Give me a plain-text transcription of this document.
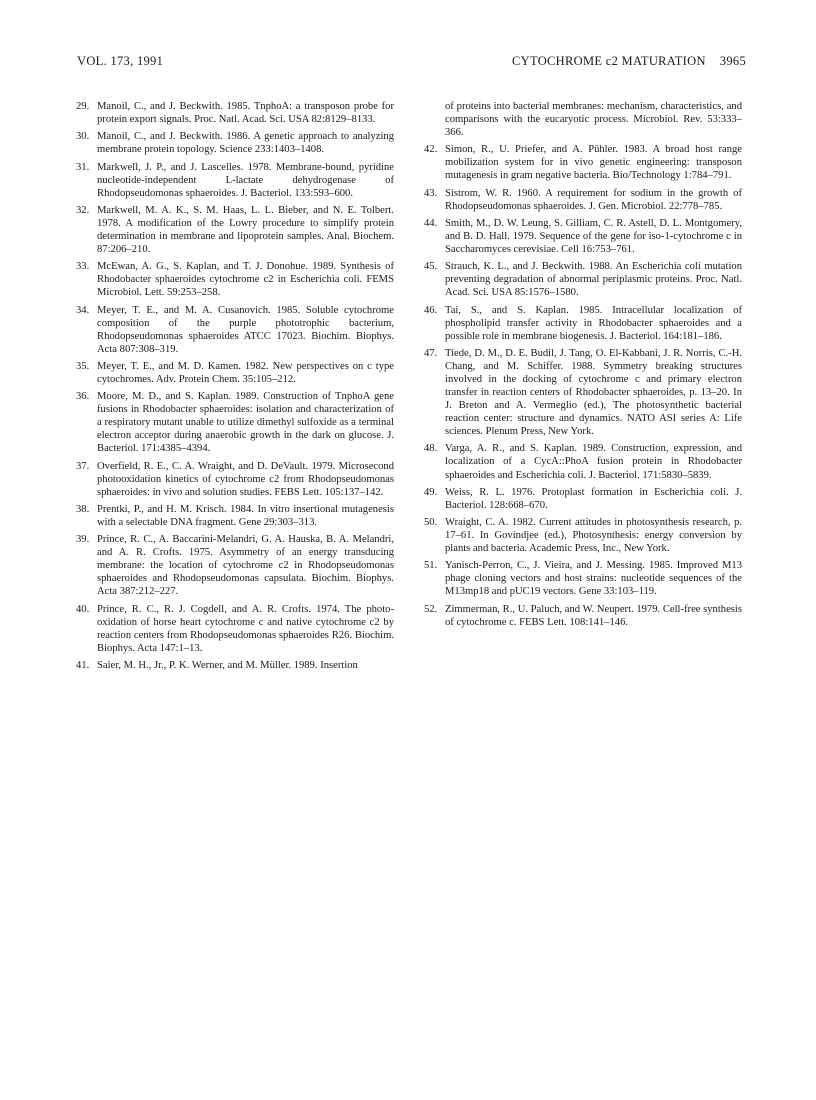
VOL. 173, 1991	CYTOCHROME c2 MATURATION 3965
29. Manoil, C., and J. Beckwith. 1985. TnphoA: a transposon probe for protein export signals. Proc. Natl. Acad. Sci. USA 82:8129–8133.
30. Manoil, C., and J. Beckwith. 1986. A genetic approach to analyzing membrane protein topology. Science 233:1403–1408.
31. Markwell, J. P., and J. Lascelles. 1978. Membrane-bound, pyridine nucleotide-independent L-lactate dehydrogenase of Rhodopseudomonas sphaeroides. J. Bacteriol. 133:593–600.
32. Markwell, M. A. K., S. M. Haas, L. L. Bieber, and N. E. Tolbert. 1978. A modification of the Lowry procedure to simplify protein determination in membrane and lipoprotein samples. Anal. Biochem. 87:206–210.
33. McEwan, A. G., S. Kaplan, and T. J. Donohue. 1989. Synthesis of Rhodobacter sphaeroides cytochrome c2 in Escherichia coli. FEMS Microbiol. Lett. 59:253–258.
34. Meyer, T. E., and M. A. Cusanovich. 1985. Soluble cytochrome composition of the purple phototrophic bacterium, Rhodopseudomonas sphaeroides ATCC 17023. Biochim. Biophys. Acta 807:308–319.
35. Meyer, T. E., and M. D. Kamen. 1982. New perspectives on c type cytochromes. Adv. Protein Chem. 35:105–212.
36. Moore, M. D., and S. Kaplan. 1989. Construction of TnphoA gene fusions in Rhodobacter sphaeroides: isolation and characterization of a respiratory mutant unable to utilize dimethyl sulfoxide as a terminal electron acceptor during anaerobic growth in the dark on glucose. J. Bacteriol. 171:4385–4394.
37. Overfield, R. E., C. A. Wraight, and D. DeVault. 1979. Microsecond photooxidation kinetics of cytochrome c2 from Rhodopseudomonas sphaeroides: in vivo and solution studies. FEBS Lett. 105:137–142.
38. Prentki, P., and H. M. Krisch. 1984. In vitro insertional mutagenesis with a selectable DNA fragment. Gene 29:303–313.
39. Prince, R. C., A. Baccarini-Melandri, G. A. Hauska, B. A. Melandri, and A. R. Crofts. 1975. Asymmetry of an energy transducing membrane: the location of cytochrome c2 in Rhodopseudomonas sphaeroides and Rhodopseudomonas capsulata. Biochim. Biophys. Acta 387:212–227.
40. Prince, R. C., R. J. Cogdell, and A. R. Crofts. 1974. The photo-oxidation of horse heart cytochrome c and native cytochrome c2 by reaction centers from Rhodopseudomonas sphaeroides R26. Biochim. Biophys. Acta 147:1–13.
41. Saier, M. H., Jr., P. K. Werner, and M. Müller. 1989. Insertion
of proteins into bacterial membranes: mechanism, characteristics, and comparisons with the eucaryotic process. Microbiol. Rev. 53:333–366.
42. Simon, R., U. Priefer, and A. Pühler. 1983. A broad host range mobilization system for in vivo genetic engineering: transposon mutagenesis in gram negative bacteria. Bio/Technology 1:784–791.
43. Sistrom, W. R. 1960. A requirement for sodium in the growth of Rhodopseudomonas sphaeroides. J. Gen. Microbiol. 22:778–785.
44. Smith, M., D. W. Leung, S. Gilliam, C. R. Astell, D. L. Montgomery, and B. D. Hall. 1979. Sequence of the gene for iso-1-cytochrome c in Saccharomyces cerevisiae. Cell 16:753–761.
45. Strauch, K. L., and J. Beckwith. 1988. An Escherichia coli mutation preventing degradation of abnormal periplasmic proteins. Proc. Natl. Acad. Sci. USA 85:1576–1580.
46. Tai, S., and S. Kaplan. 1985. Intracellular localization of phospholipid transfer activity in Rhodobacter sphaeroides and a possible role in membrane biogenesis. J. Bacteriol. 164:181–186.
47. Tiede, D. M., D. E. Budil, J. Tang, O. El-Kabbani, J. R. Norris, C.-H. Chang, and M. Schiffer. 1988. Symmetry breaking structures involved in the docking of cytochrome c and primary electron transfer in reaction centers of Rhodobacter sphaeroides, p. 13–20. In J. Breton and A. Vermeglio (ed.), The photosynthetic bacterial reaction center: structure and dynamics. NATO ASI series A: Life sciences. Plenum Press, New York.
48. Varga, A. R., and S. Kaplan. 1989. Construction, expression, and localization of a CycA::PhoA fusion protein in Rhodobacter sphaeroides and Escherichia coli. J. Bacteriol. 171:5830–5839.
49. Weiss, R. L. 1976. Protoplast formation in Escherichia coli. J. Bacteriol. 128:668–670.
50. Wraight, C. A. 1982. Current attitudes in photosynthesis research, p. 17–61. In Govindjee (ed.), Photosynthesis: energy conversion by plants and bacteria. Academic Press, Inc., New York.
51. Yanisch-Perron, C., J. Vieira, and J. Messing. 1985. Improved M13 phage cloning vectors and host strains: nucleotide sequences of the M13mp18 and pUC19 vectors. Gene 33:103–119.
52. Zimmerman, R., U. Paluch, and W. Neupert. 1979. Cell-free synthesis of cytochrome c. FEBS Lett. 108:141–146.
